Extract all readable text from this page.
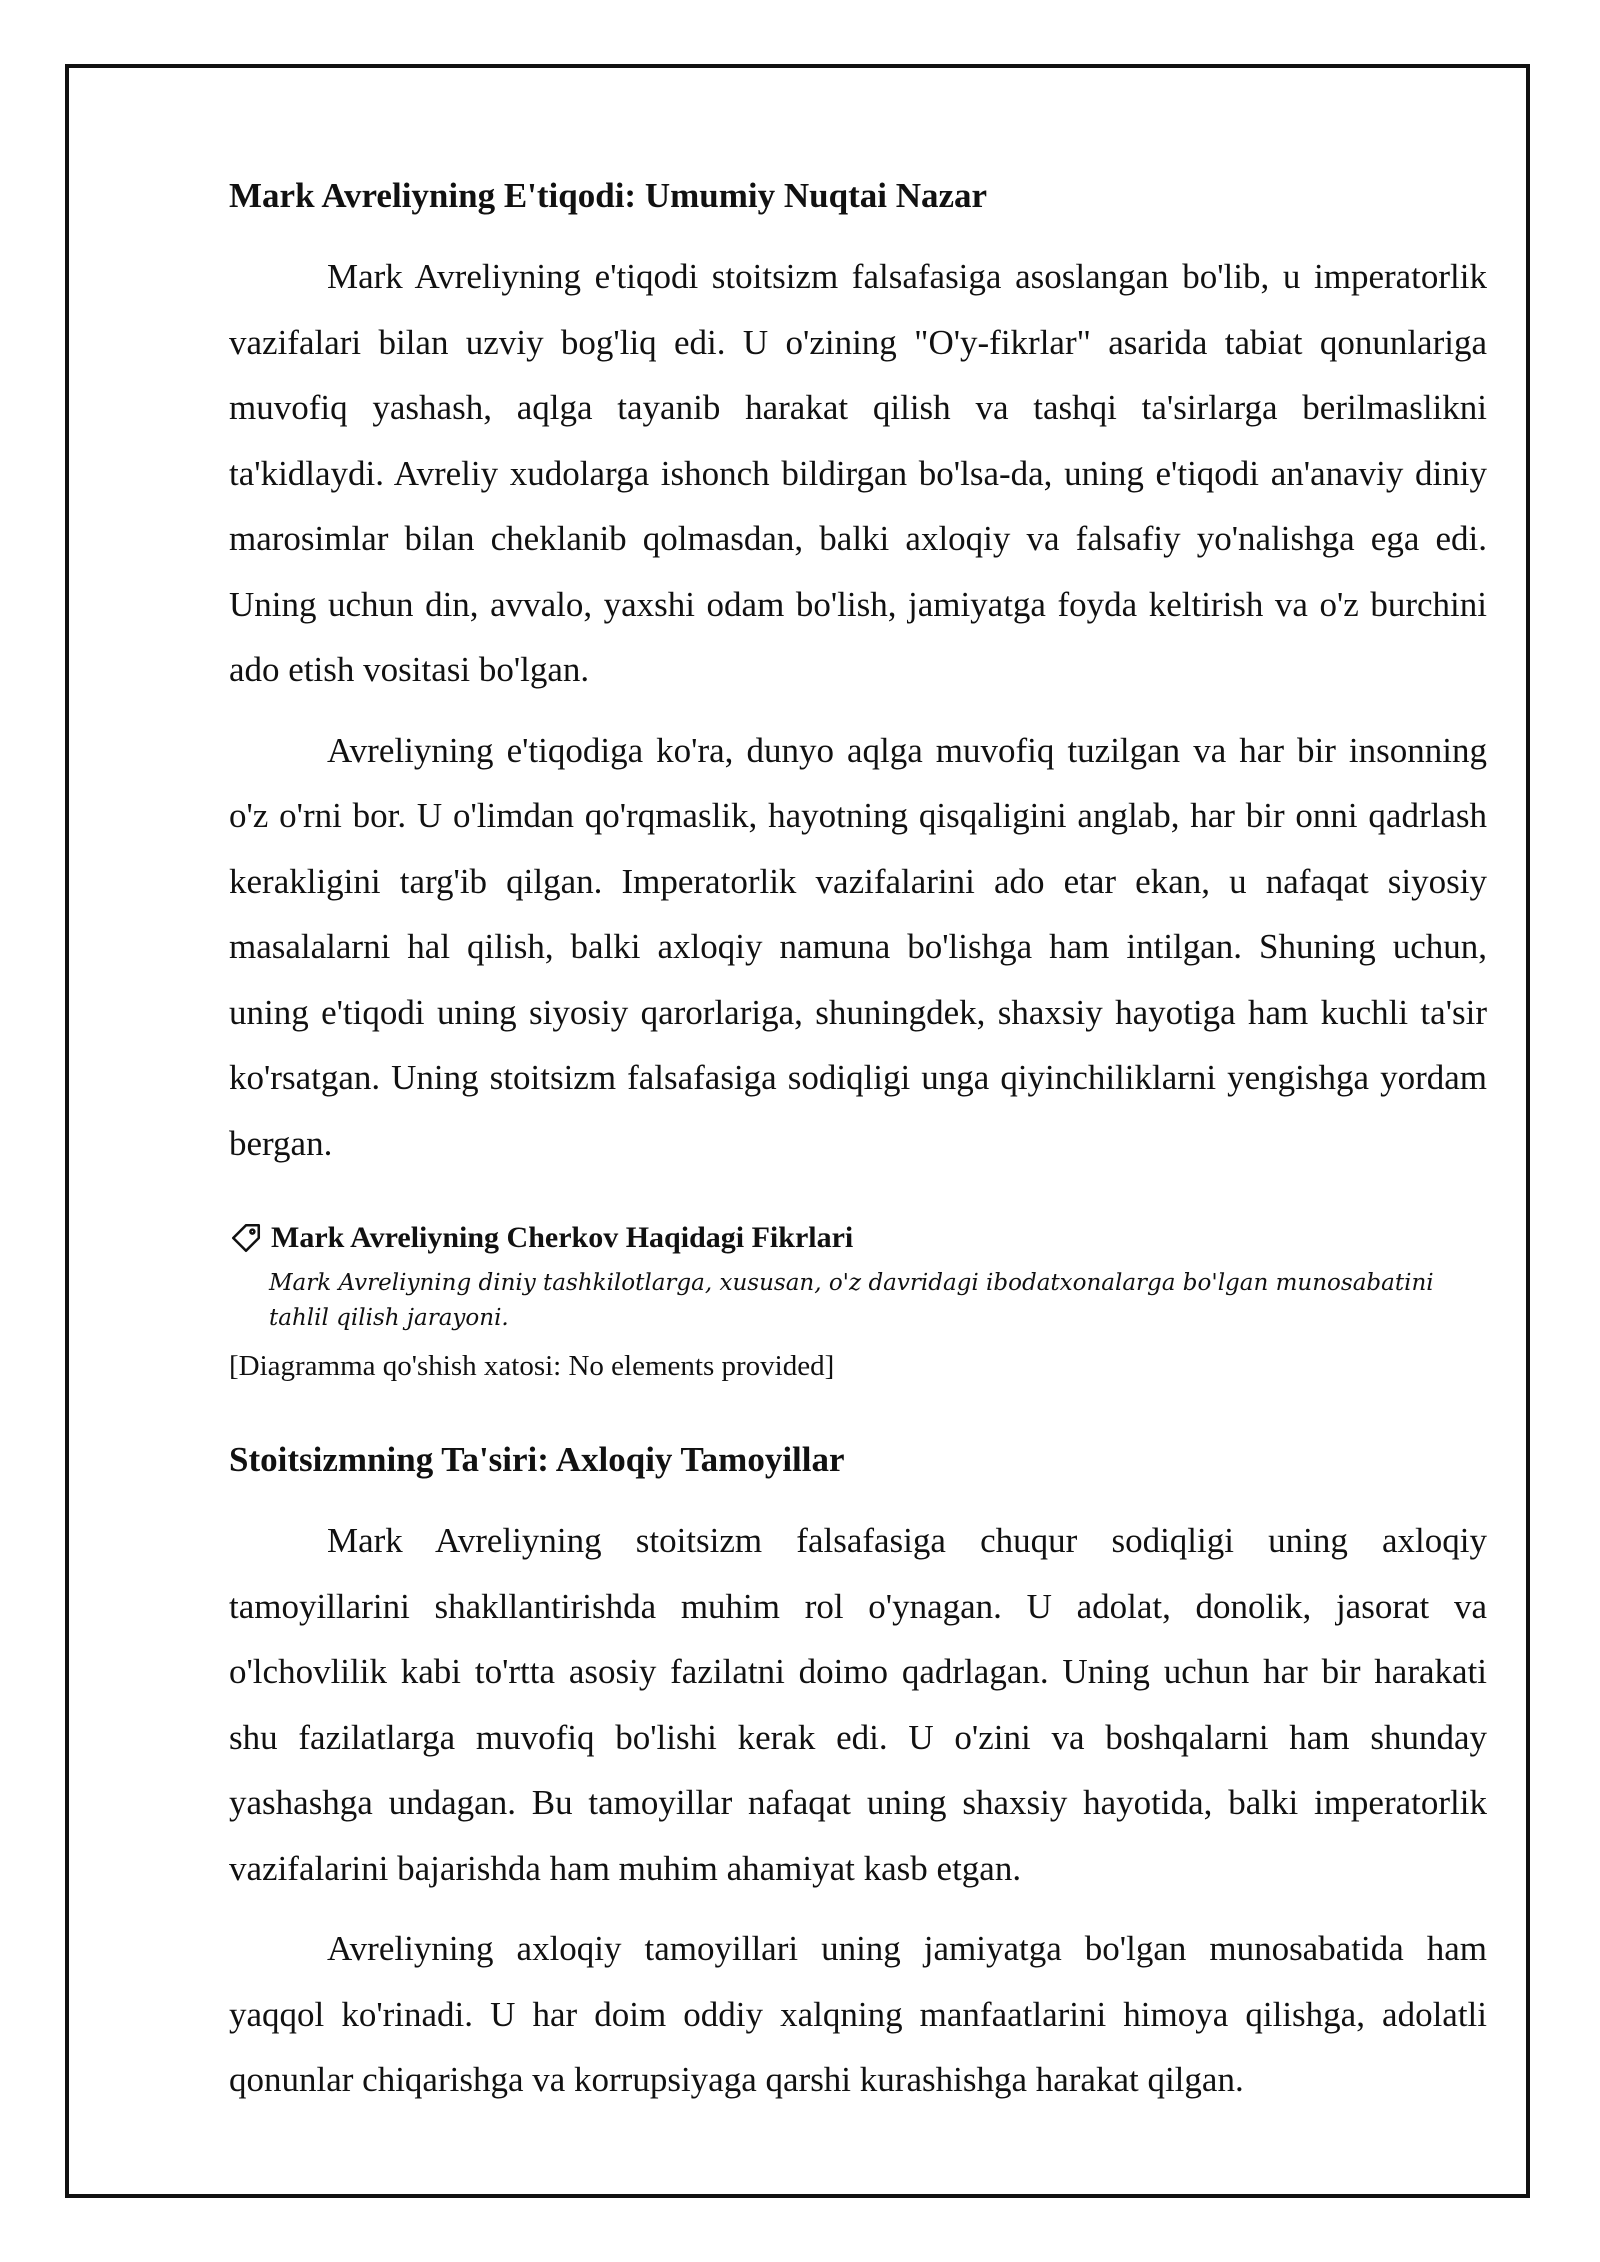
Mark Avreliyning E'tiqodi: Umumiy Nuqtai Nazar

Mark Avreliyning e'tiqodi stoitsizm falsafasiga asoslangan bo'lib, u imperatorlik vazifalari bilan uzviy bog'liq edi. U o'zining "O'y-fikrlar" asarida tabiat qonunlariga muvofiq yashash, aqlga tayanib harakat qilish va tashqi ta'sirlarga berilmaslikni ta'kidlaydi. Avreliy xudolarga ishonch bildirgan bo'lsa-da, uning e'tiqodi an'anaviy diniy marosimlar bilan cheklanib qolmasdan, balki axloqiy va falsafiy yo'nalishga ega edi. Uning uchun din, avvalo, yaxshi odam bo'lish, jamiyatga foyda keltirish va o'z burchini ado etish vositasi bo'lgan.

Avreliyning e'tiqodiga ko'ra, dunyo aqlga muvofiq tuzilgan va har bir insonning o'z o'rni bor. U o'limdan qo'rqmaslik, hayotning qisqaligini anglab, har bir onni qadrlash kerakligini targ'ib qilgan. Imperatorlik vazifalarini ado etar ekan, u nafaqat siyosiy masalalarni hal qilish, balki axloqiy namuna bo'lishga ham intilgan. Shuning uchun, uning e'tiqodi uning siyosiy qarorlariga, shuningdek, shaxsiy hayotiga ham kuchli ta'sir ko'rsatgan. Uning stoitsizm falsafasiga sodiqligi unga qiyinchiliklarni yengishga yordam bergan.

Mark Avreliyning Cherkov Haqidagi Fikrlari
Mark Avreliyning diniy tashkilotlarga, xususan, o'z davridagi ibodatxonalarga bo'lgan munosabatini tahlil qilish jarayoni.
[Diagramma qo'shish xatosi: No elements provided]
Stoitsizmning Ta'siri: Axloqiy Tamoyillar

Mark Avreliyning stoitsizm falsafasiga chuqur sodiqligi uning axloqiy tamoyillarini shakllantirishda muhim rol o'ynagan. U adolat, donolik, jasorat va o'lchovlilik kabi to'rtta asosiy fazilatni doimo qadrlagan. Uning uchun har bir harakati shu fazilatlarga muvofiq bo'lishi kerak edi. U o'zini va boshqalarni ham shunday yashashga undagan. Bu tamoyillar nafaqat uning shaxsiy hayotida, balki imperatorlik vazifalarini bajarishda ham muhim ahamiyat kasb etgan.

Avreliyning axloqiy tamoyillari uning jamiyatga bo'lgan munosabatida ham yaqqol ko'rinadi. U har doim oddiy xalqning manfaatlarini himoya qilishga, adolatli qonunlar chiqarishga va korrupsiyaga qarshi kurashishga harakat qilgan.
